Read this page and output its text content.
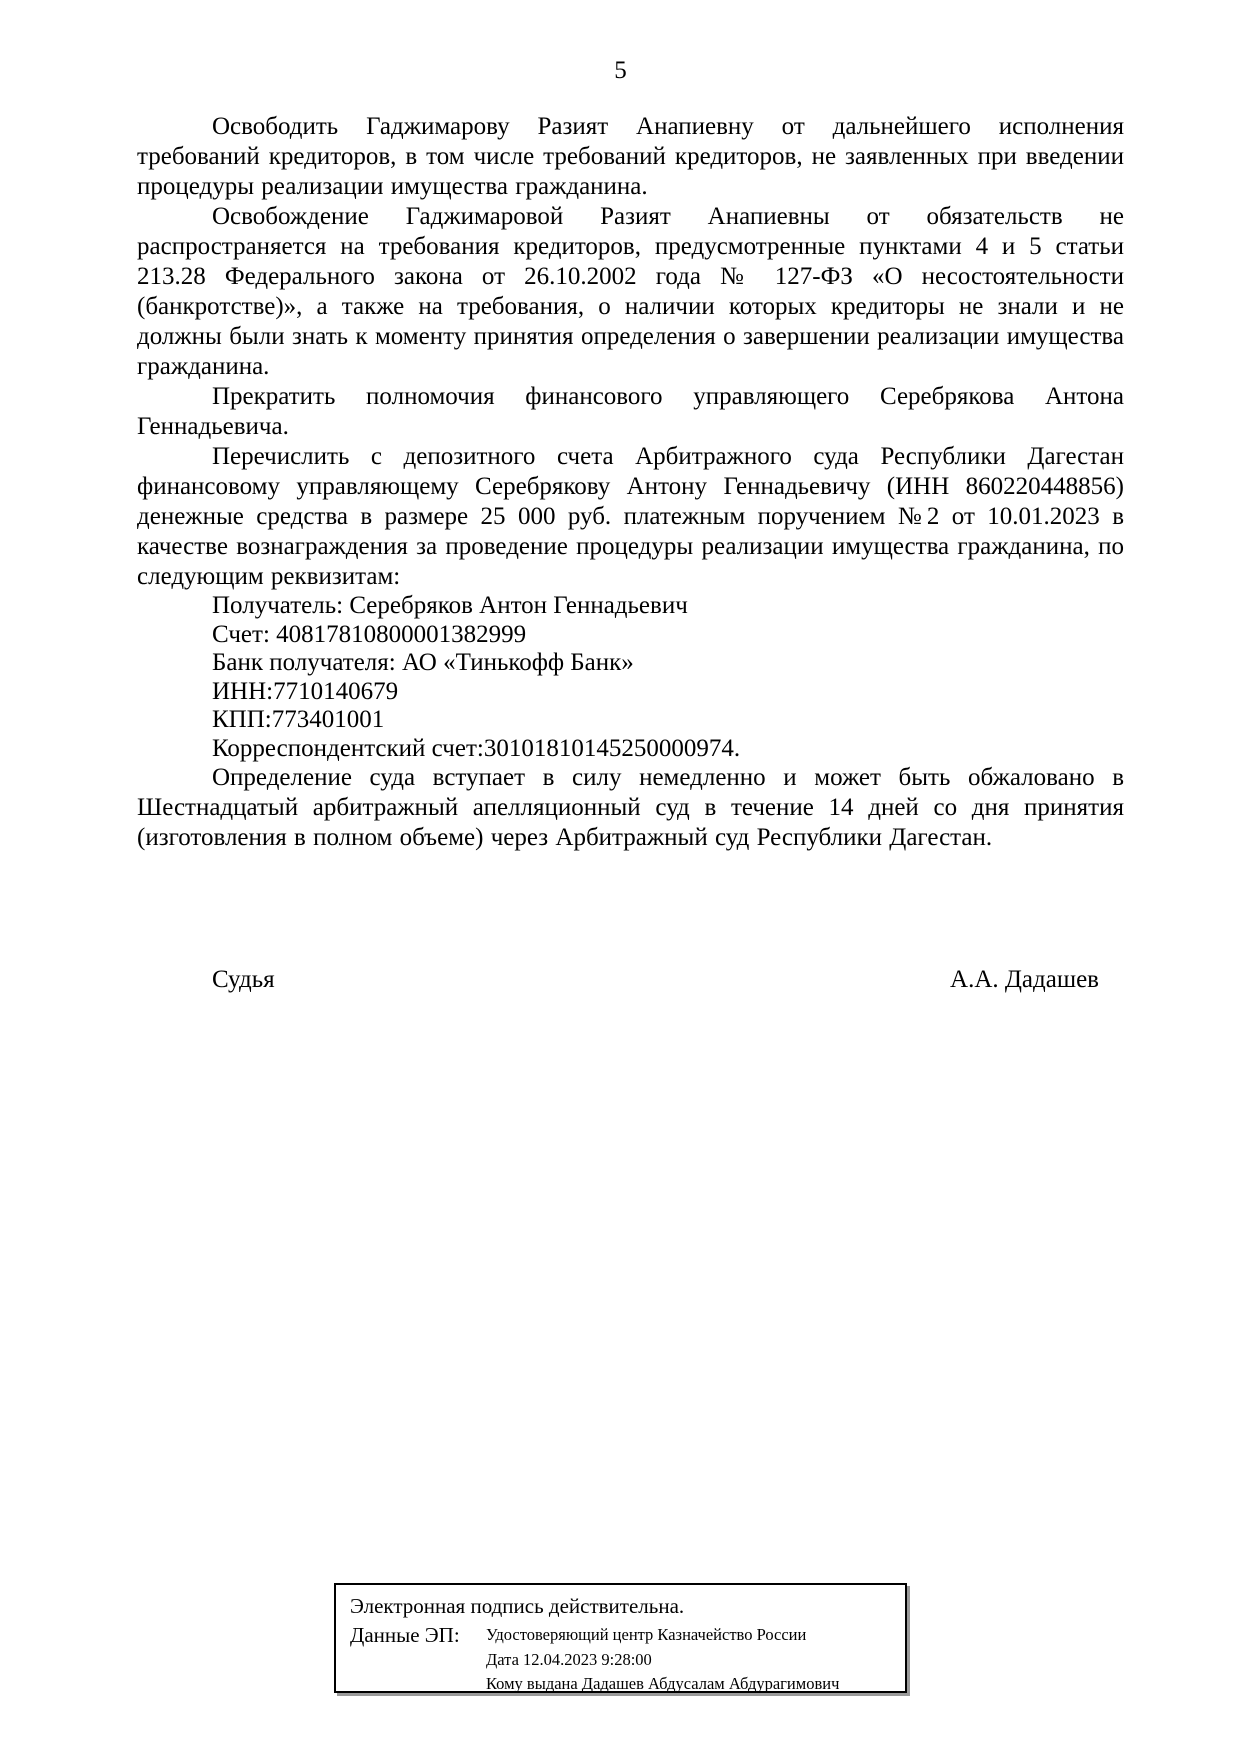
5

Освободить Гаджимарову Разият Анапиевну от дальнейшего исполнения требований кредиторов, в том числе требований кредиторов, не заявленных при введении процедуры реализации имущества гражданина.

Освобождение Гаджимаровой Разият Анапиевны от обязательств не распространяется на требования кредиторов, предусмотренные пунктами 4 и 5 статьи 213.28 Федерального закона от 26.10.2002 года № 127-ФЗ «О несостоятельности (банкротстве)», а также на требования, о наличии которых кредиторы не знали и не должны были знать к моменту принятия определения о завершении реализации имущества гражданина.

Прекратить полномочия финансового управляющего Серебрякова Антона Геннадьевича.

Перечислить с депозитного счета Арбитражного суда Республики Дагестан финансовому управляющему Серебрякову Антону Геннадьевичу (ИНН 860220448856) денежные средства в размере 25 000 руб. платежным поручением №2 от 10.01.2023 в качестве вознаграждения за проведение процедуры реализации имущества гражданина, по следующим реквизитам:

Получатель: Серебряков Антон Геннадьевич
Счет: 40817810800001382999
Банк получателя: АО «Тинькофф Банк»
ИНН:7710140679
КПП:773401001
Корреспондентский счет:30101810145250000974.

Определение суда вступает в силу немедленно и может быть обжаловано в Шестнадцатый арбитражный апелляционный суд в течение 14 дней со дня принятия (изготовления в полном объеме) через Арбитражный суд Республики Дагестан.

Судья	А.А. Дадашев
Электронная подпись действительна.
Данные ЭП:	Удостоверяющий центр Казначейство России
Дата 12.04.2023 9:28:00
Кому выдана Дадашев Абдусалам Абдурагимович
